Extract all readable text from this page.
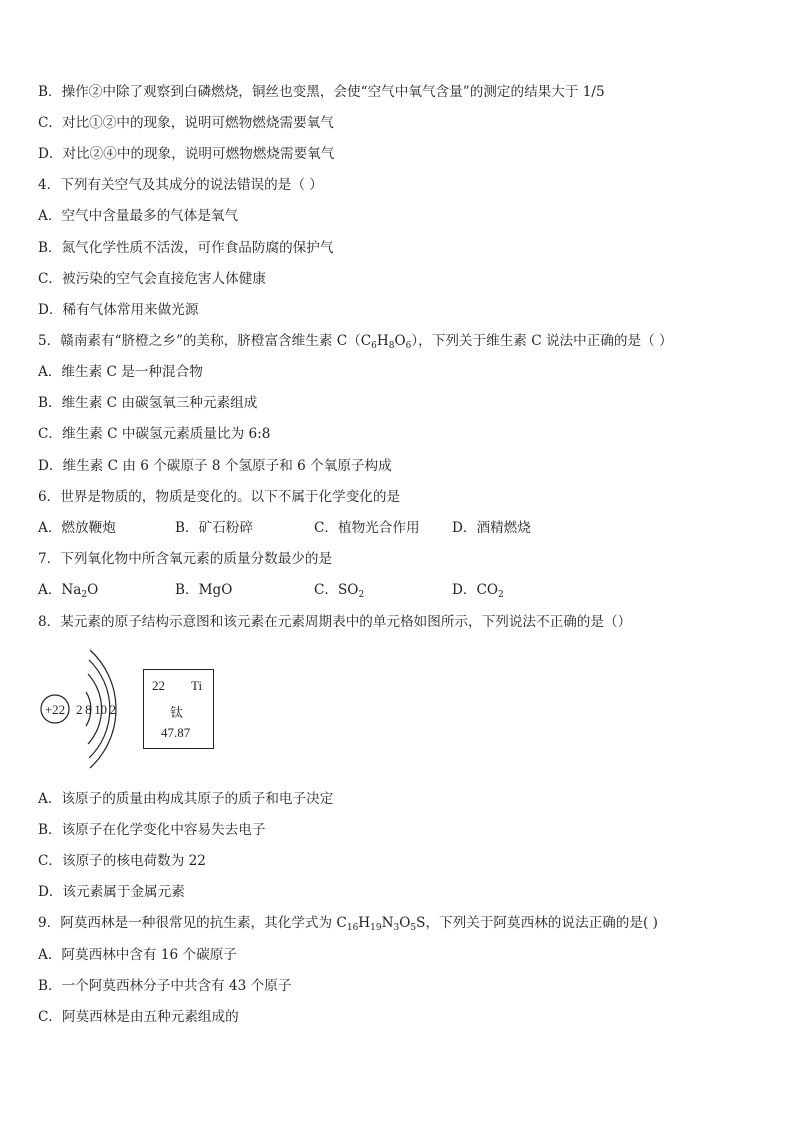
B．操作②中除了观察到白磷燃烧，铜丝也变黑，会使“空气中氧气含量”的测定的结果大于 1/5
C．对比①②中的现象，说明可燃物燃烧需要氧气
D．对比②④中的现象，说明可燃物燃烧需要氧气
4．下列有关空气及其成分的说法错误的是（ ）
A．空气中含量最多的气体是氧气
B．氮气化学性质不活泼，可作食品防腐的保护气
C．被污染的空气会直接危害人体健康
D．稀有气体常用来做光源
5．赣南素有“脐橙之乡”的美称，脐橙富含维生素 $C(C_6H_8O_6)$，下列关于维生素 C 说法中正确的是（ ）
A．维生素 C 是一种混合物
B．维生素 C 由碳氢氧三种元素组成
C．维生素 C 中碳氢元素质量比为 6:8
D．维生素 C 由 6 个碳原子 8 个氢原子和 6 个氧原子构成
6．世界是物质的，物质是变化的。以下不属于化学变化的是
A．燃放鞭炮	B．矿石粉碎	C．植物光合作用 D．酒精燃烧
7．下列氧化物中所含氧元素的质量分数最少的是
A．$Na_2O$	B．MgO	C．$SO_2$	D．$CO_2$
8．某元素的原子结构示意图和该元素在元素周期表中的单元格如图所示，下列说法不正确的是（）
+22 2 8 10 2
22 Ti
钛
47.87
A．该原子的质量由构成其原子的质子和电子决定
B．该原子在化学变化中容易失去电子
C．该原子的核电荷数为 22
D．该元素属于金属元素
9．阿莫西林是一种很常见的抗生素，其化学式为 $C_{16}H_{19}N_3O_5S$，下列关于阿莫西林的说法正确的是( )
A．阿莫西林中含有 16 个碳原子
B．一个阿莫西林分子中共含有 43 个原子
C．阿莫西林是由五种元素组成的
